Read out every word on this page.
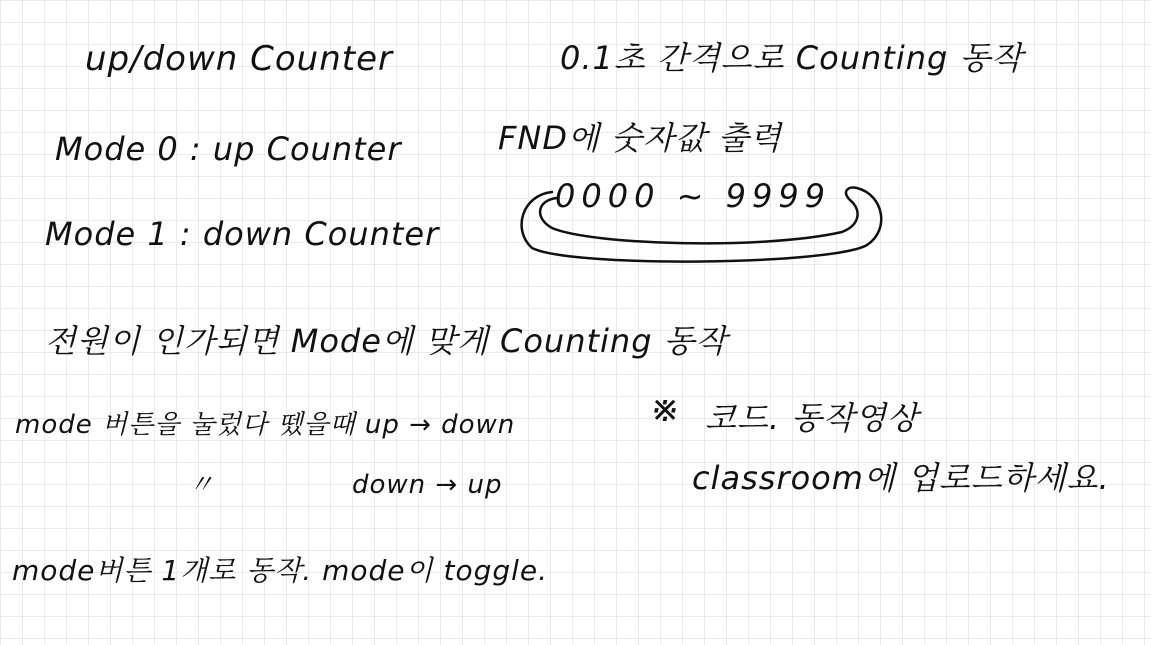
up/down Counter	0.1초 간격으로 Counting 동작
Mode 0 : up Counter	FND에 숫자값 출력
0000 ~ 9999
Mode 1 : down Counter
전원이 인가되면 Mode에 맞게 Counting 동작
mode 버튼을 눌렀다 뗐을때 up → down
〃	down → up
mode버튼 1개로 동작. mode이 toggle.
※ 코드. 동작영상
classroom에 업로드하세요.
